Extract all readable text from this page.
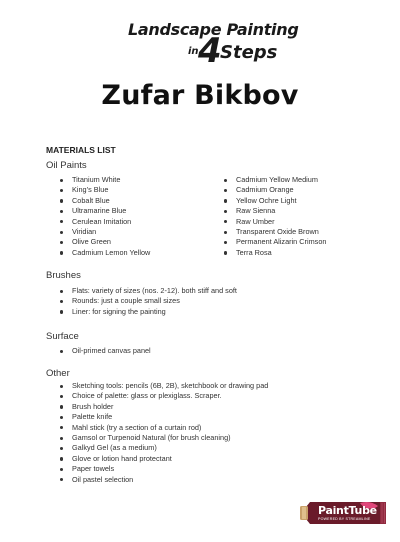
Landscape Painting
in 4
Steps
Zufar Bikbov
MATERIALS LIST
Oil Paints
Titanium White
King’s Blue
Cobalt Blue
Ultramarine Blue
Cerulean Imitation
Viridian
Olive Green
Cadmium Lemon Yellow
Cadmium Yellow Medium
Cadmium Orange
Yellow Ochre Light
Raw Sienna
Raw Umber
Transparent Oxide Brown
Permanent Alizarin Crimson
Terra Rosa
Brushes
Flats: variety of sizes (nos. 2-12). both stiff and soft
Rounds: just a couple small sizes
Liner: for signing the painting
Surface
Oil-primed canvas panel
Other
Sketching tools: pencils (6B, 2B), sketchbook or drawing pad
Choice of palette: glass or plexiglass. Scraper.
Brush holder
Palette knife
Mahl stick (try a section of a curtain rod)
Gamsol or Turpenoid Natural (for brush cleaning)
Galkyd Gel (as a medium)
Glove or lotion hand protectant
Paper towels
Oil pastel selection
PaintTube
POWERED BY STREAMLINE
